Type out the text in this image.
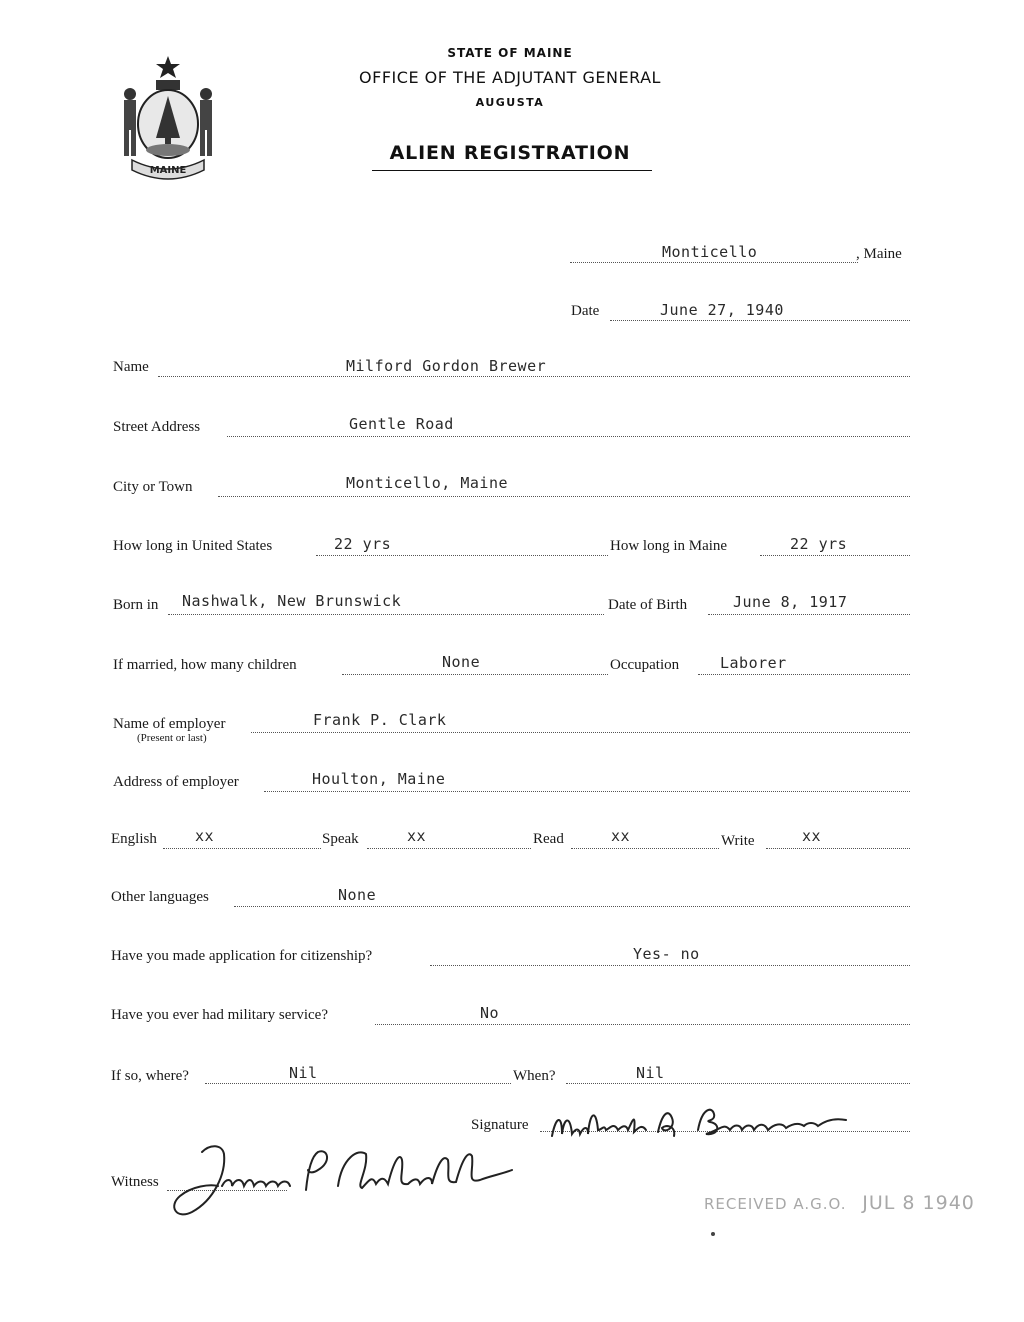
MAINE
STATE OF MAINE
OFFICE OF THE ADJUTANT GENERAL
AUGUSTA
ALIEN REGISTRATION
Monticello	, Maine
Date	June 27, 1940
Name	Milford Gordon Brewer
Street Address	Gentle Road
City or Town	Monticello, Maine
How long in United States	22 yrs	How long in Maine	22 yrs
Born in Nashwalk, New Brunswick	Date of Birth	June 8, 1917
If married, how many children	None	Occupation	Laborer
Name of employer
(Present or last)
Frank P. Clark
Address of employer	Houlton, Maine
English	xx	Speak	xx	Read	xx	Write	xx
Other languages	None
Have you made application for citizenship?	Yes- no
Have you ever had military service?	No
If so, where?	Nil	When?	Nil
Signature
Witness
RECEIVED A.G.O. JUL 8 1940
